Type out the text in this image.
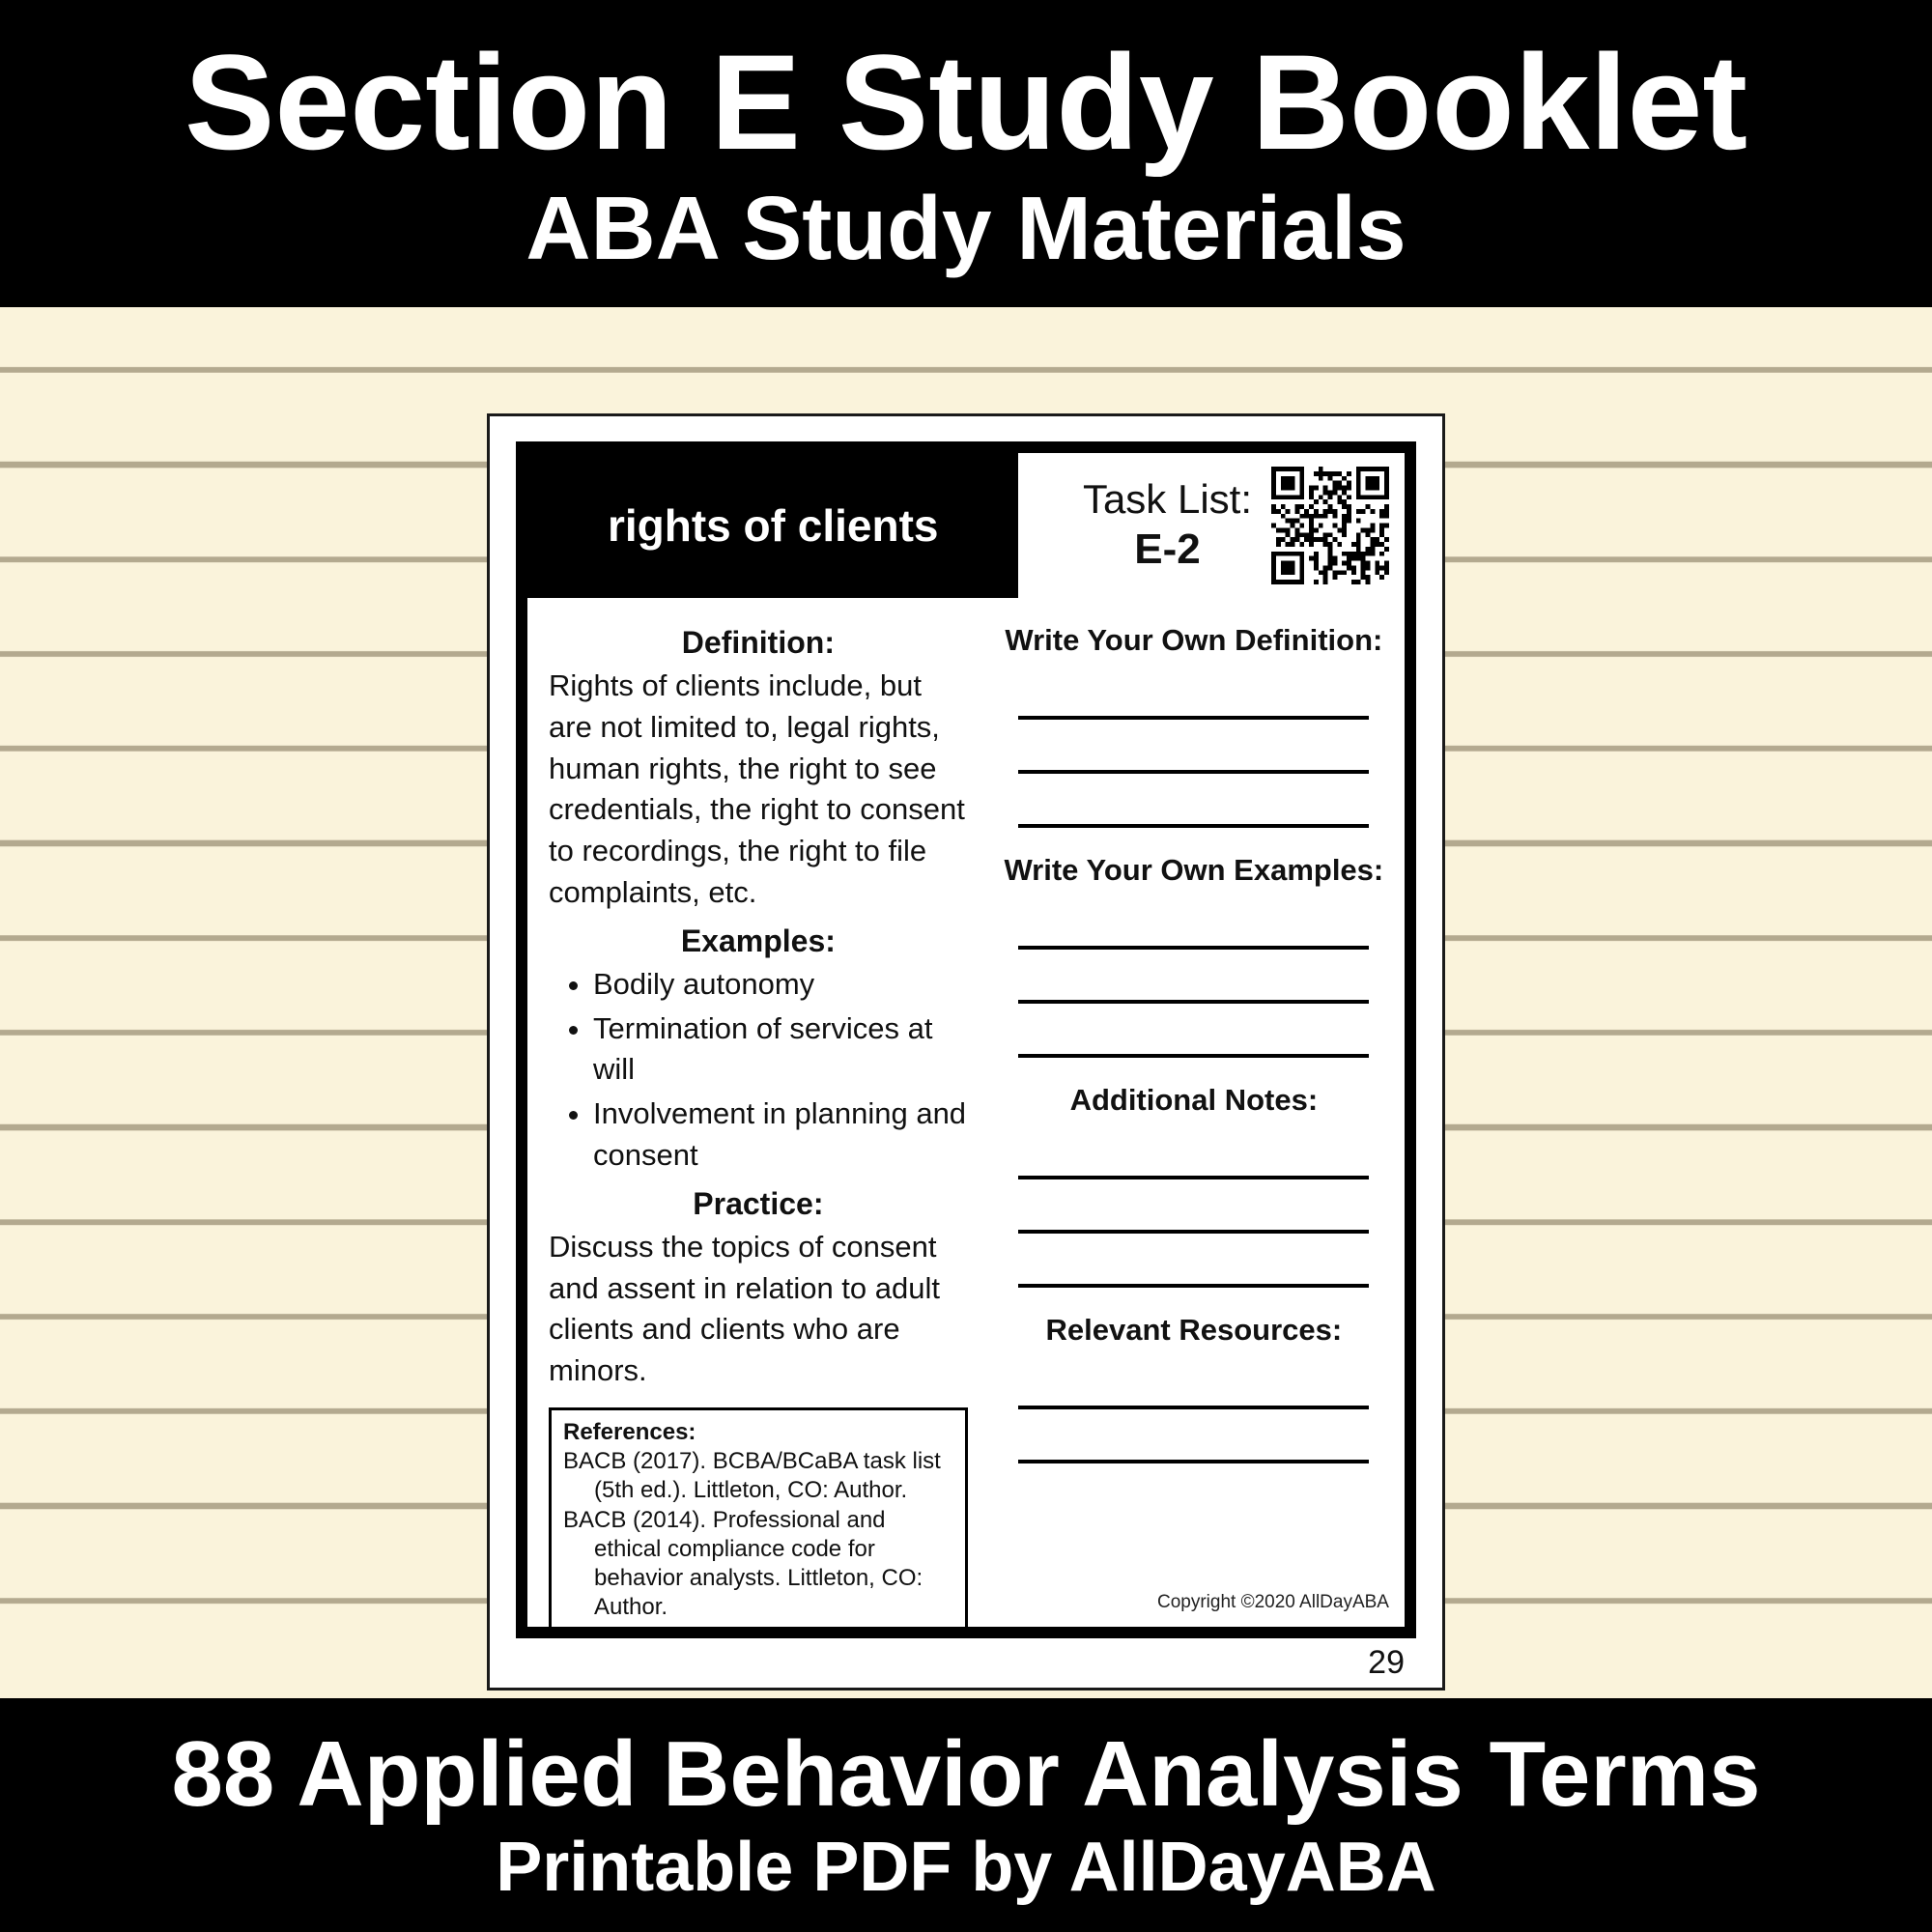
Section E Study Booklet
ABA Study Materials
rights of clients
Task List:
E-2
Definition:

Rights of clients include, but are not limited to, legal rights, human rights, the right to see credentials, the right to consent to recordings, the right to file complaints, etc.

Examples:
• Bodily autonomy
• Termination of services at will
• Involvement in planning and consent
Practice:

Discuss the topics of consent and assent in relation to adult clients and clients who are minors.

References:
BACB (2017). BCBA/BCaBA task list (5th ed.). Littleton, CO: Author.
BACB (2014). Professional and ethical compliance code for behavior analysts. Littleton, CO: Author.
Write Your Own Definition:
Write Your Own Examples:
Additional Notes:
Relevant Resources:
Copyright ©2020 AllDayABA
29
88 Applied Behavior Analysis Terms
Printable PDF by AllDayABA
